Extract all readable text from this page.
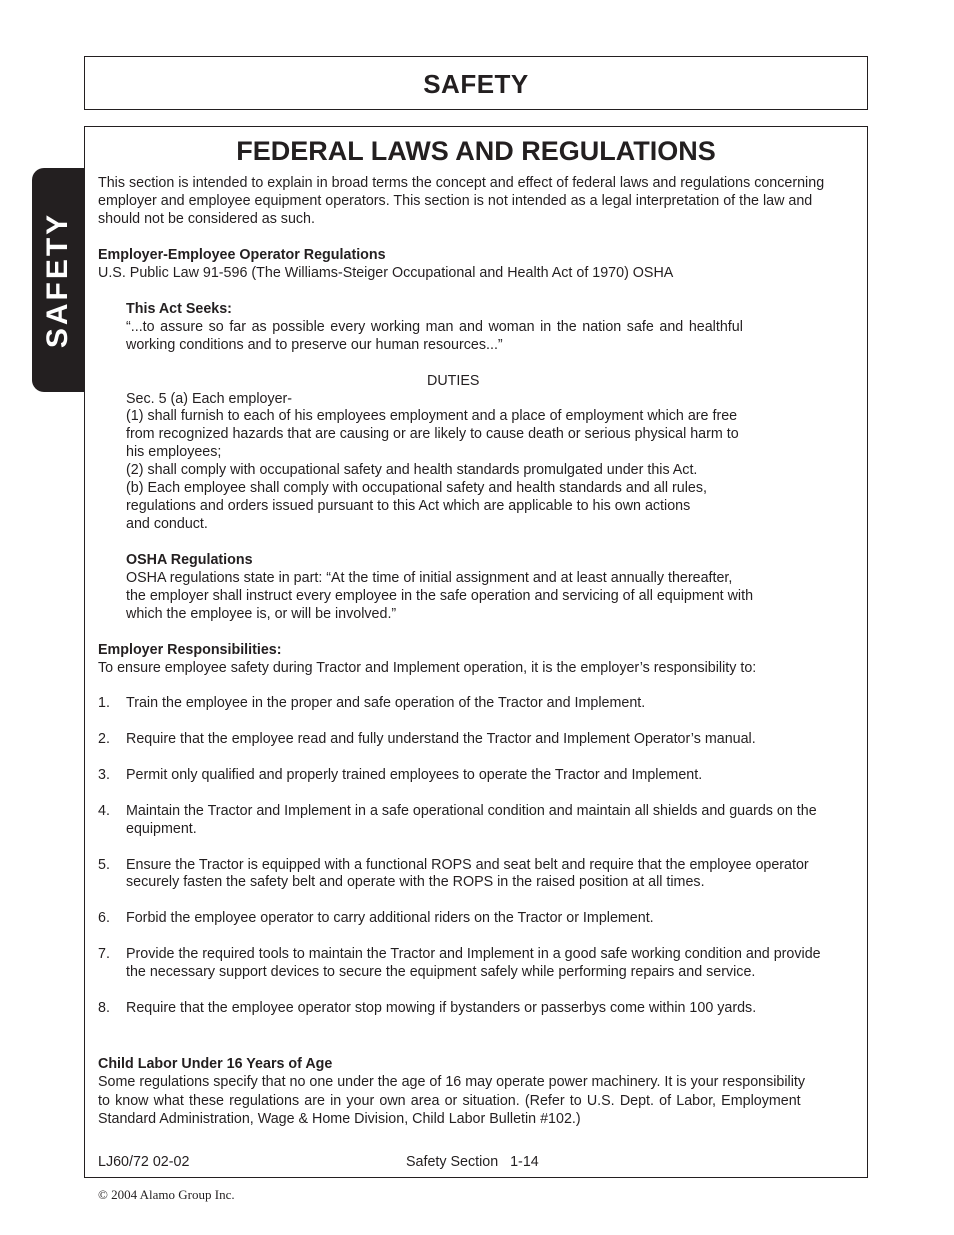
SAFETY
SAFETY
FEDERAL LAWS AND REGULATIONS
This section is intended to explain in broad terms the concept and effect of federal laws and regulations concerning
employer and employee equipment operators. This section is not intended as a legal interpretation of the law and
should not be considered as such.
Employer-Employee Operator Regulations
U.S. Public Law 91-596 (The Williams-Steiger Occupational and Health Act of 1970) OSHA
This Act Seeks:
“...to assure so far as possible every working man and woman in the nation safe and healthful
working conditions and to preserve our human resources...”
DUTIES
Sec. 5 (a) Each employer-
(1) shall furnish to each of his employees employment and a place of employment which are free
from recognized hazards that are causing or are likely to cause death or serious physical harm to
his employees;
(2) shall comply with occupational safety and health standards promulgated under this Act.
(b) Each employee shall comply with occupational safety and health standards and all rules,
regulations and orders issued pursuant to this Act which are applicable to his own actions
and conduct.
OSHA Regulations
OSHA regulations state in part: “At the time of initial assignment and at least annually thereafter,
the employer shall instruct every employee in the safe operation and servicing of all equipment with
which the employee is, or will be involved.”
Employer Responsibilities:
To ensure employee safety during Tractor and Implement operation, it is the employer’s responsibility to:
1. Train the employee in the proper and safe operation of the Tractor and Implement.
2. Require that the employee read and fully understand the Tractor and Implement Operator’s manual.
3. Permit only qualified and properly trained employees to operate the Tractor and Implement.
4. Maintain the Tractor and Implement in a safe operational condition and maintain all shields and guards on the
equipment.
5. Ensure the Tractor is equipped with a functional ROPS and seat belt and require that the employee operator
securely fasten the safety belt and operate with the ROPS in the raised position at all times.
6. Forbid the employee operator to carry additional riders on the Tractor or Implement.
7. Provide the required tools to maintain the Tractor and Implement in a good safe working condition and provide
the necessary support devices to secure the equipment safely while performing repairs and service.
8. Require that the employee operator stop mowing if bystanders or passerbys come within 100 yards.
Child Labor Under 16 Years of Age
Some regulations specify that no one under the age of 16 may operate power machinery. It is your responsibility
to know what these regulations are in your own area or situation. (Refer to U.S. Dept. of Labor, Employment
Standard Administration, Wage & Home Division, Child Labor Bulletin #102.)
LJ60/72 02-02	Safety Section   1-14
© 2004 Alamo Group Inc.
